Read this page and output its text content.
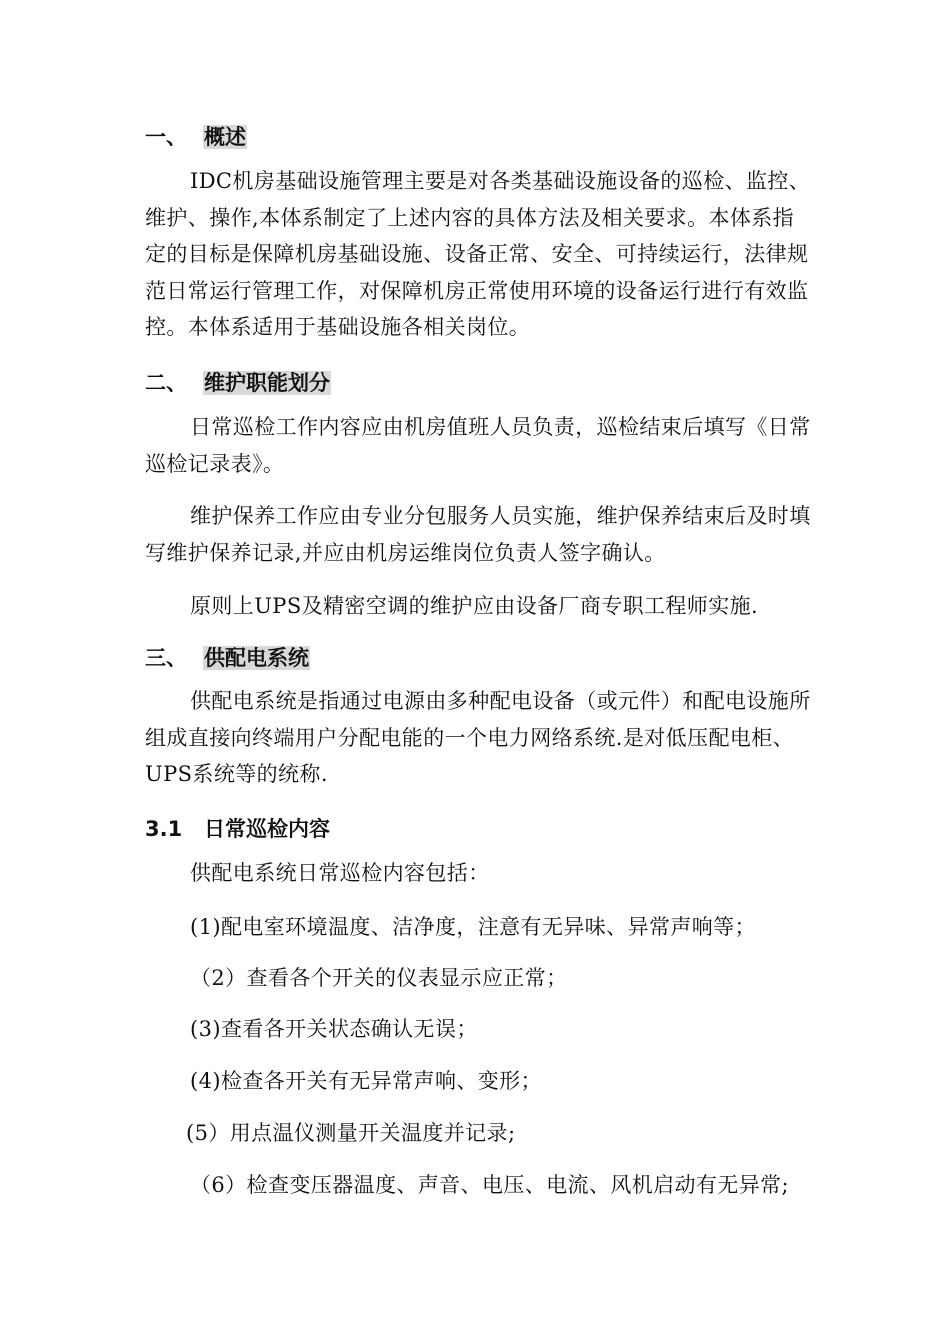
一、 概述

IDC机房基础设施管理主要是对各类基础设施设备的巡检、监控、维护、操作,本体系制定了上述内容的具体方法及相关要求。本体系指定的目标是保障机房基础设施、设备正常、安全、可持续运行，法律规范日常运行管理工作，对保障机房正常使用环境的设备运行进行有效监控。本体系适用于基础设施各相关岗位。

二、 维护职能划分

日常巡检工作内容应由机房值班人员负责，巡检结束后填写《日常巡检记录表》。

维护保养工作应由专业分包服务人员实施，维护保养结束后及时填写维护保养记录,并应由机房运维岗位负责人签字确认。

原则上UPS及精密空调的维护应由设备厂商专职工程师实施.

三、 供配电系统

供配电系统是指通过电源由多种配电设备（或元件）和配电设施所组成直接向终端用户分配电能的一个电力网络系统.是对低压配电柜、UPS系统等的统称.

3.1 日常巡检内容

供配电系统日常巡检内容包括：

(1)配电室环境温度、洁净度，注意有无异味、异常声响等；

（2）查看各个开关的仪表显示应正常；

(3)查看各开关状态确认无误；

(4)检查各开关有无异常声响、变形；

(5）用点温仪测量开关温度并记录;

（6）检查变压器温度、声音、电压、电流、风机启动有无异常;
